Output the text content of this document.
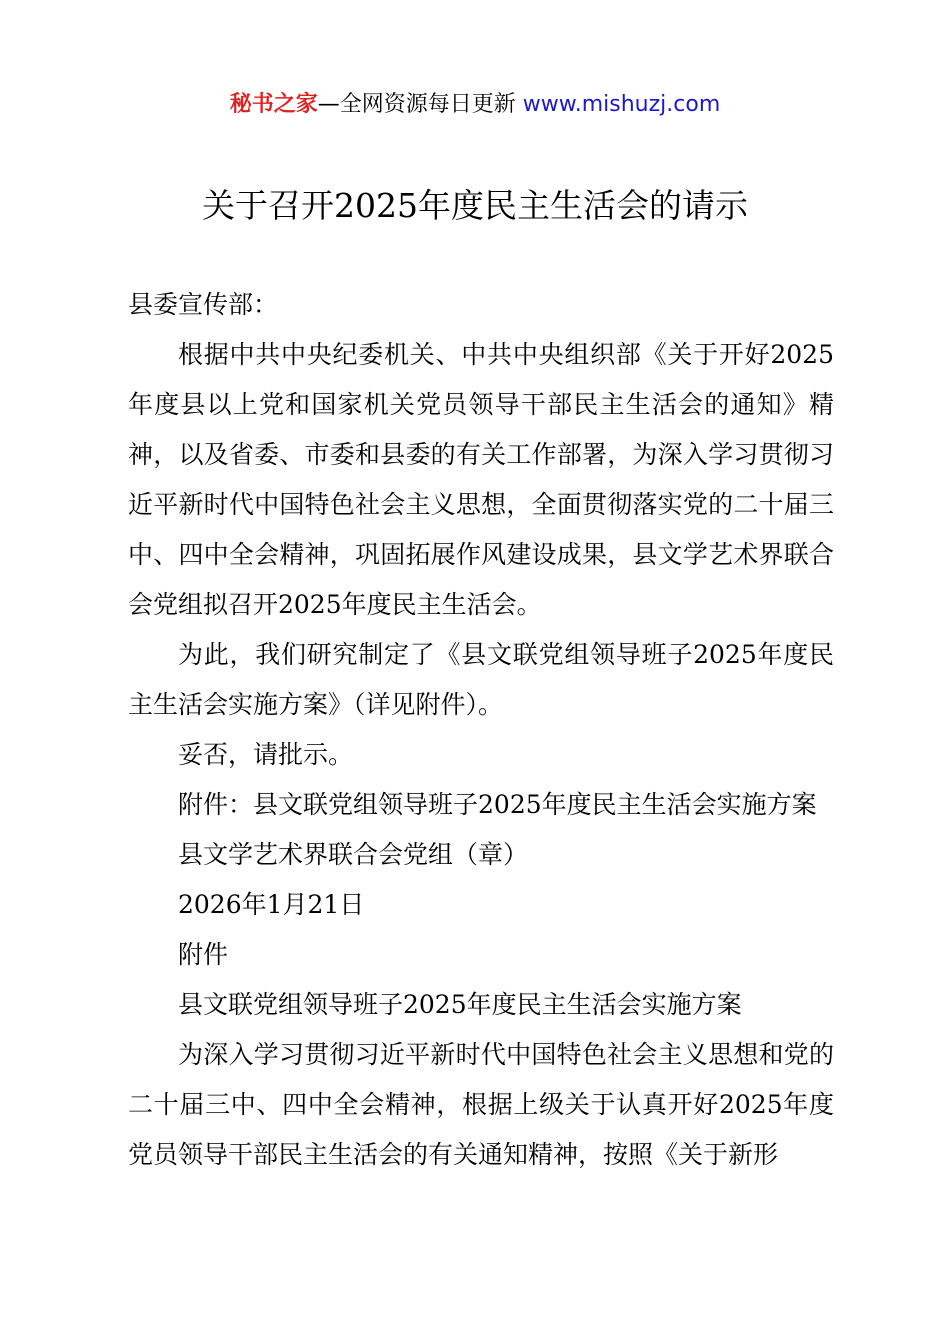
秘书之家—全网资源每日更新 www.mishuzj.com
关于召开2025年度民主生活会的请示

县委宣传部：

根据中共中央纪委机关、中共中央组织部《关于开好2025年度县以上党和国家机关党员领导干部民主生活会的通知》精神，以及省委、市委和县委的有关工作部署，为深入学习贯彻习近平新时代中国特色社会主义思想，全面贯彻落实党的二十届三中、四中全会精神，巩固拓展作风建设成果，县文学艺术界联合会党组拟召开2025年度民主生活会。

为此，我们研究制定了《县文联党组领导班子2025年度民主生活会实施方案》（详见附件）。

妥否，请批示。

附件：县文联党组领导班子2025年度民主生活会实施方案

县文学艺术界联合会党组（章）

2026年1月21日

附件

县文联党组领导班子2025年度民主生活会实施方案

为深入学习贯彻习近平新时代中国特色社会主义思想和党的二十届三中、四中全会精神，根据上级关于认真开好2025年度党员领导干部民主生活会的有关通知精神，按照《关于新形
